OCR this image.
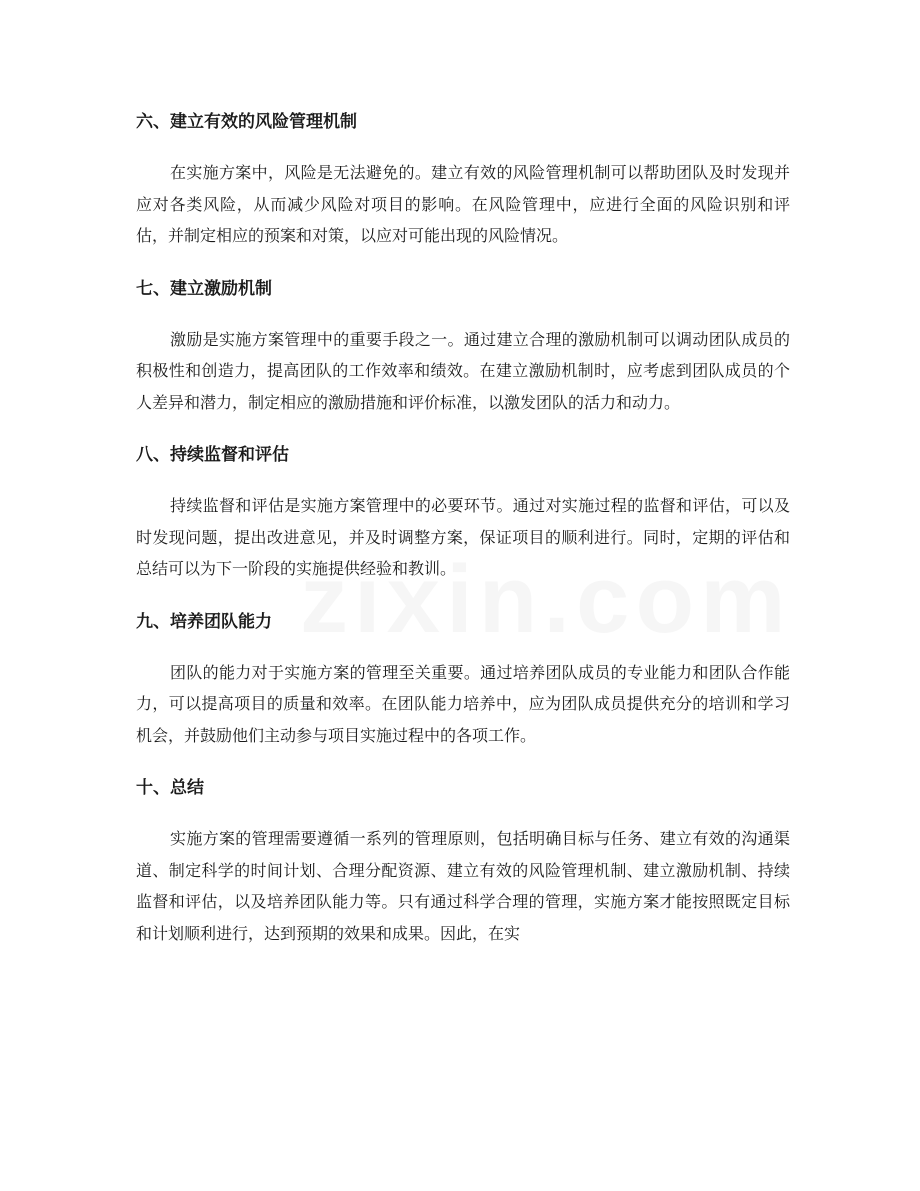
六、建立有效的风险管理机制

在实施方案中，风险是无法避免的。建立有效的风险管理机制可以帮助团队及时发现并应对各类风险，从而减少风险对项目的影响。在风险管理中，应进行全面的风险识别和评估，并制定相应的预案和对策，以应对可能出现的风险情况。

七、建立激励机制

激励是实施方案管理中的重要手段之一。通过建立合理的激励机制可以调动团队成员的积极性和创造力，提高团队的工作效率和绩效。在建立激励机制时，应考虑到团队成员的个人差异和潜力，制定相应的激励措施和评价标准，以激发团队的活力和动力。

八、持续监督和评估

持续监督和评估是实施方案管理中的必要环节。通过对实施过程的监督和评估，可以及时发现问题，提出改进意见，并及时调整方案，保证项目的顺利进行。同时，定期的评估和总结可以为下一阶段的实施提供经验和教训。

九、培养团队能力

团队的能力对于实施方案的管理至关重要。通过培养团队成员的专业能力和团队合作能力，可以提高项目的质量和效率。在团队能力培养中，应为团队成员提供充分的培训和学习机会，并鼓励他们主动参与项目实施过程中的各项工作。

十、总结

实施方案的管理需要遵循一系列的管理原则，包括明确目标与任务、建立有效的沟通渠道、制定科学的时间计划、合理分配资源、建立有效的风险管理机制、建立激励机制、持续监督和评估，以及培养团队能力等。只有通过科学合理的管理，实施方案才能按照既定目标和计划顺利进行，达到预期的效果和成果。因此，在实
